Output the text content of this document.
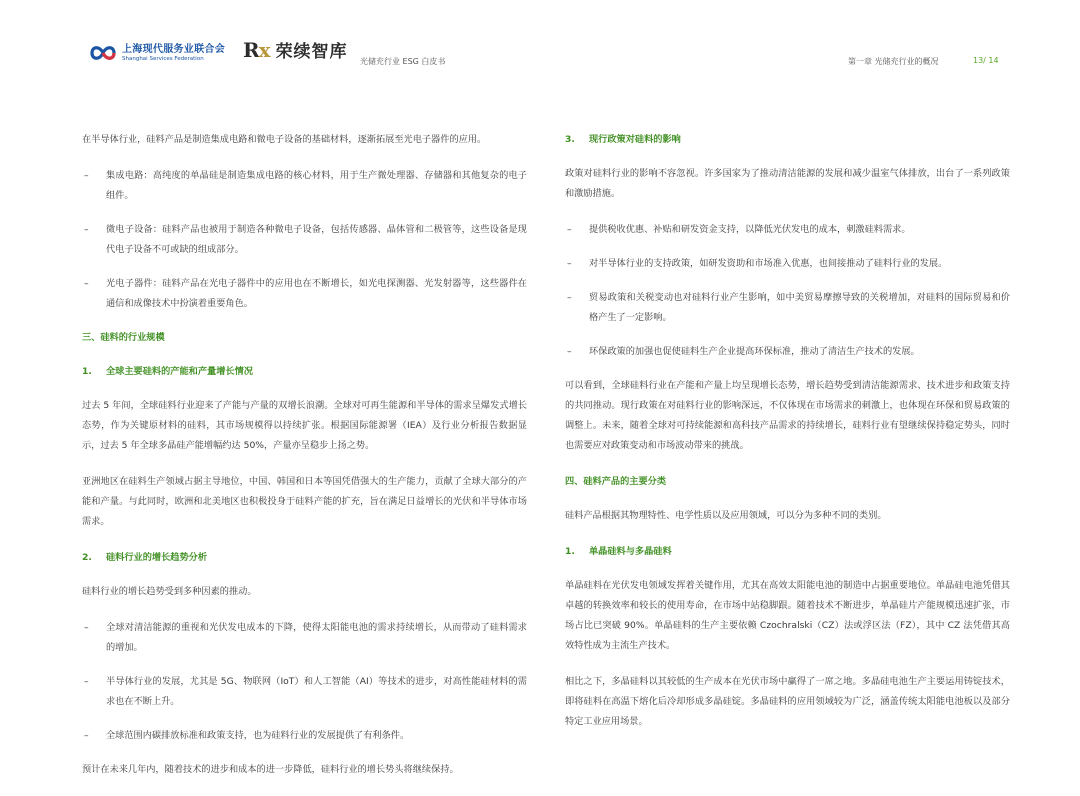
上海现代服务业联合会
Shanghai Services Federation	Rx 荣续智库 光储充行业 ESG 白皮书	第一章 光储充行业的概况	13/ 14

在半导体行业，硅料产品是制造集成电路和微电子设备的基础材料，逐渐拓展至光电子器件的应用。

–	集成电路：高纯度的单晶硅是制造集成电路的核心材料，用于生产微处理器、存储器和其他复杂的电子组件。
–	微电子设备：硅料产品也被用于制造各种微电子设备，包括传感器、晶体管和二极管等，这些设备是现代电子设备不可或缺的组成部分。
–	光电子器件：硅料产品在光电子器件中的应用也在不断增长，如光电探测器、光发射器等，这些器件在通信和成像技术中扮演着重要角色。
三、硅料的行业规模
1.	全球主要硅料的产能和产量增长情况

过去 5 年间，全球硅料行业迎来了产能与产量的双增长浪潮。全球对可再生能源和半导体的需求呈爆发式增长态势，作为关键原材料的硅料，其市场规模得以持续扩张。根据国际能源署（IEA）及行业分析报告数据显示，过去 5 年全球多晶硅产能增幅约达 50%，产量亦呈稳步上扬之势。

亚洲地区在硅料生产领域占据主导地位，中国、韩国和日本等国凭借强大的生产能力，贡献了全球大部分的产能和产量。与此同时，欧洲和北美地区也积极投身于硅料产能的扩充，旨在满足日益增长的光伏和半导体市场需求。

2.	硅料行业的增长趋势分析

硅料行业的增长趋势受到多种因素的推动。

–	全球对清洁能源的重视和光伏发电成本的下降，使得太阳能电池的需求持续增长，从而带动了硅料需求的增加。
–	半导体行业的发展，尤其是 5G、物联网（IoT）和人工智能（AI）等技术的进步，对高性能硅材料的需求也在不断上升。
–	全球范围内碳排放标准和政策支持，也为硅料行业的发展提供了有利条件。

预计在未来几年内，随着技术的进步和成本的进一步降低，硅料行业的增长势头将继续保持。

3.	现行政策对硅料的影响

政策对硅料行业的影响不容忽视。许多国家为了推动清洁能源的发展和减少温室气体排放，出台了一系列政策和激励措施。

–	提供税收优惠、补贴和研发资金支持，以降低光伏发电的成本，刺激硅料需求。
–	对半导体行业的支持政策，如研发资助和市场准入优惠，也间接推动了硅料行业的发展。
–	贸易政策和关税变动也对硅料行业产生影响，如中美贸易摩擦导致的关税增加，对硅料的国际贸易和价格产生了一定影响。
–	环保政策的加强也促使硅料生产企业提高环保标准，推动了清洁生产技术的发展。

可以看到，全球硅料行业在产能和产量上均呈现增长态势，增长趋势受到清洁能源需求、技术进步和政策支持的共同推动。现行政策在对硅料行业的影响深远，不仅体现在市场需求的刺激上，也体现在环保和贸易政策的调整上。未来，随着全球对可持续能源和高科技产品需求的持续增长，硅料行业有望继续保持稳定势头，同时也需要应对政策变动和市场波动带来的挑战。

四、硅料产品的主要分类

硅料产品根据其物理特性、电学性质以及应用领域，可以分为多种不同的类别。

1.	单晶硅料与多晶硅料

单晶硅料在光伏发电领域发挥着关键作用，尤其在高效太阳能电池的制造中占据重要地位。单晶硅电池凭借其卓越的转换效率和较长的使用寿命，在市场中站稳脚跟。随着技术不断进步，单晶硅片产能规模迅速扩张，市场占比已突破 90%。单晶硅料的生产主要依赖 Czochralski（CZ）法或浮区法（FZ），其中 CZ 法凭借其高效特性成为主流生产技术。

相比之下，多晶硅料以其较低的生产成本在光伏市场中赢得了一席之地。多晶硅电池生产主要运用铸锭技术，即将硅料在高温下熔化后冷却形成多晶硅锭。多晶硅料的应用领域较为广泛，涵盖传统太阳能电池板以及部分特定工业应用场景。
